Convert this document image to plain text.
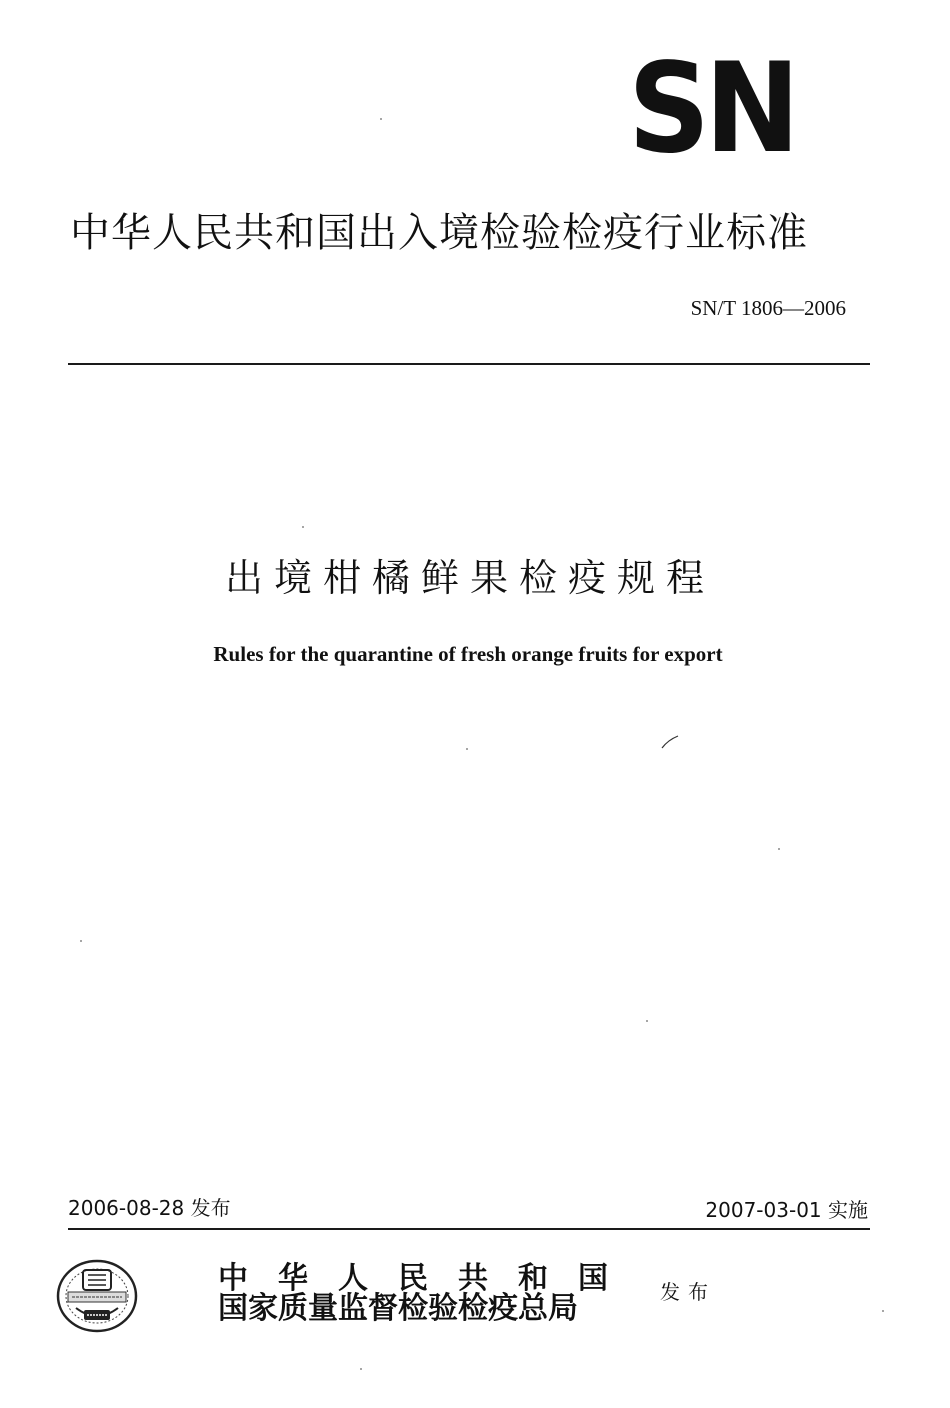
SN
中华人民共和国出入境检验检疫行业标准
SN/T 1806—2006
出境柑橘鲜果检疫规程
Rules for the quarantine of fresh orange fruits for export
2006-08-28 发布	2007-03-01 实施
中华人民共和国
国家质量监督检验检疫总局	发布
